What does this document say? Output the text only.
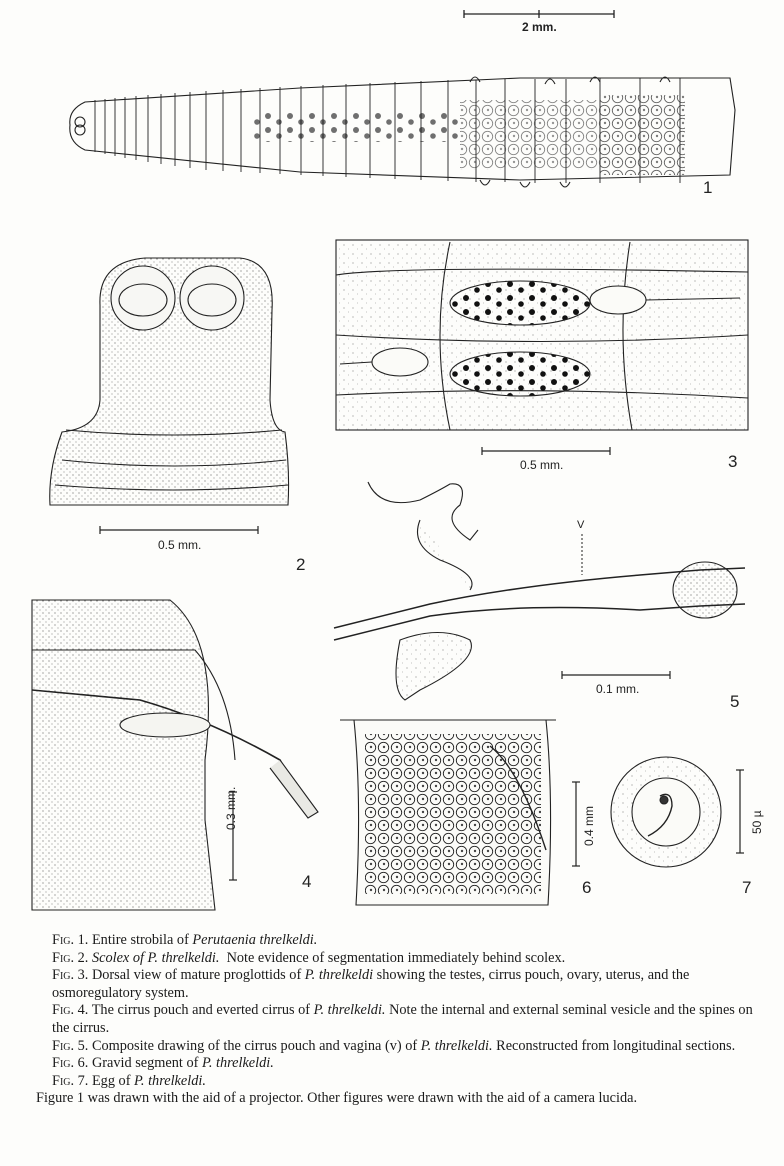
2 mm.
1
0.5 mm.
2
0.5 mm.	3
0.3 mm.
4
V
0.1 mm.
5
0.4 mm
6
50 µ
7

Fig. 1. Entire strobila of Perutaenia threlkeldi.

Fig. 2. Scolex of P. threlkeldi. Note evidence of segmentation immediately behind scolex.

Fig. 3. Dorsal view of mature proglottids of P. threlkeldi showing the testes, cirrus pouch, ovary, uterus, and the osmoregulatory system.

Fig. 4. The cirrus pouch and everted cirrus of P. threlkeldi. Note the internal and external seminal vesicle and the spines on the cirrus.

Fig. 5. Composite drawing of the cirrus pouch and vagina (v) of P. threlkeldi. Reconstructed from longitudinal sections.

Fig. 6. Gravid segment of P. threlkeldi.

Fig. 7. Egg of P. threlkeldi.

Figure 1 was drawn with the aid of a projector. Other figures were drawn with the aid of a camera lucida.
